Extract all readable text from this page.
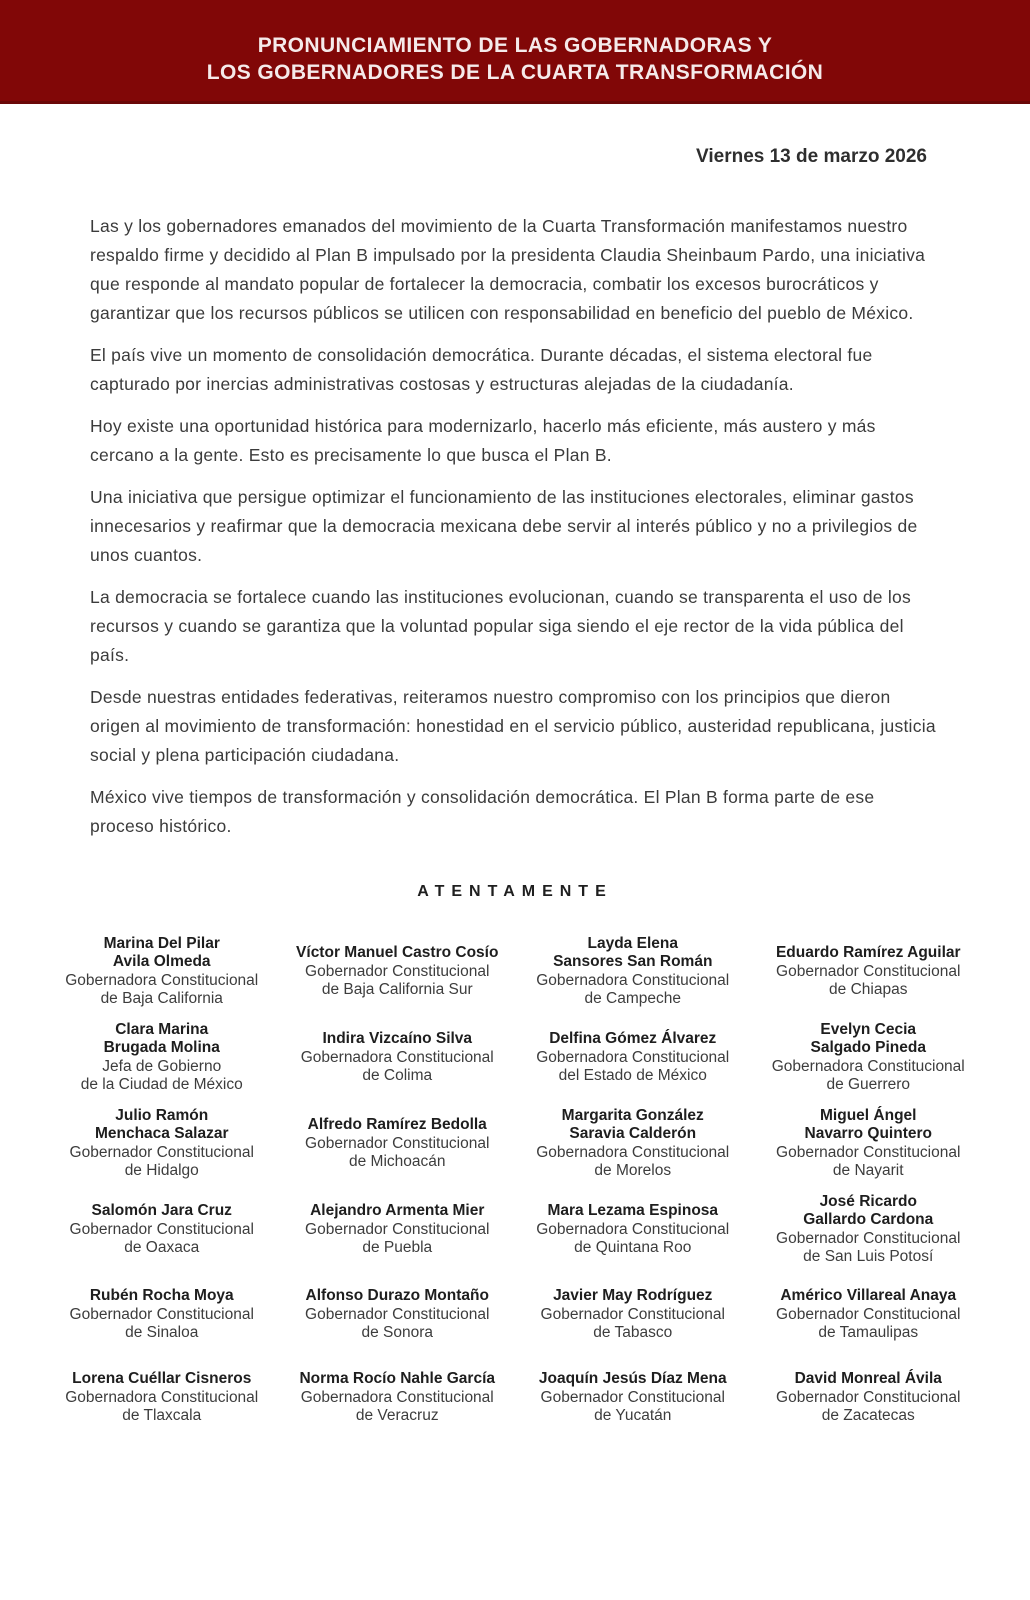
PRONUNCIAMIENTO DE LAS GOBERNADORAS Y
LOS GOBERNADORES DE LA CUARTA TRANSFORMACIÓN
Viernes 13 de marzo 2026

Las y los gobernadores emanados del movimiento de la Cuarta Transformación manifestamos nuestro respaldo firme y decidido al Plan B impulsado por la presidenta Claudia Sheinbaum Pardo, una iniciativa que responde al mandato popular de fortalecer la democracia, combatir los excesos burocráticos y garantizar que los recursos públicos se utilicen con responsabilidad en beneficio del pueblo de México.

El país vive un momento de consolidación democrática. Durante décadas, el sistema electoral fue capturado por inercias administrativas costosas y estructuras alejadas de la ciudadanía.

Hoy existe una oportunidad histórica para modernizarlo, hacerlo más eficiente, más austero y más cercano a la gente. Esto es precisamente lo que busca el Plan B.

Una iniciativa que persigue optimizar el funcionamiento de las instituciones electorales, eliminar gastos innecesarios y reafirmar que la democracia mexicana debe servir al interés público y no a privilegios de unos cuantos.

La democracia se fortalece cuando las instituciones evolucionan, cuando se transparenta el uso de los recursos y cuando se garantiza que la voluntad popular siga siendo el eje rector de la vida pública del país.

Desde nuestras entidades federativas, reiteramos nuestro compromiso con los principios que dieron origen al movimiento de transformación: honestidad en el servicio público, austeridad republicana, justicia social y plena participación ciudadana.

México vive tiempos de transformación y consolidación democrática. El Plan B forma parte de ese proceso histórico.

ATENTAMENTE
Marina Del Pilar
Avila Olmeda
Gobernadora Constitucional
de Baja California
Víctor Manuel Castro Cosío
Gobernador Constitucional
de Baja California Sur
Layda Elena
Sansores San Román
Gobernadora Constitucional
de Campeche
Eduardo Ramírez Aguilar
Gobernador Constitucional
de Chiapas
Clara Marina
Brugada Molina
Jefa de Gobierno
de la Ciudad de México
Indira Vizcaíno Silva
Gobernadora Constitucional
de Colima
Delfina Gómez Álvarez
Gobernadora Constitucional
del Estado de México
Evelyn Cecia
Salgado Pineda
Gobernadora Constitucional
de Guerrero
Julio Ramón
Menchaca Salazar
Gobernador Constitucional
de Hidalgo
Alfredo Ramírez Bedolla
Gobernador Constitucional
de Michoacán
Margarita González
Saravia Calderón
Gobernadora Constitucional
de Morelos
Miguel Ángel
Navarro Quintero
Gobernador Constitucional
de Nayarit
Salomón Jara Cruz
Gobernador Constitucional
de Oaxaca
Alejandro Armenta Mier
Gobernador Constitucional
de Puebla
Mara Lezama Espinosa
Gobernadora Constitucional
de Quintana Roo
José Ricardo
Gallardo Cardona
Gobernador Constitucional
de San Luis Potosí
Rubén Rocha Moya
Gobernador Constitucional
de Sinaloa
Alfonso Durazo Montaño
Gobernador Constitucional
de Sonora
Javier May Rodríguez
Gobernador Constitucional
de Tabasco
Américo Villareal Anaya
Gobernador Constitucional
de Tamaulipas
Lorena Cuéllar Cisneros
Gobernadora Constitucional
de Tlaxcala
Norma Rocío Nahle García
Gobernadora Constitucional
de Veracruz
Joaquín Jesús Díaz Mena
Gobernador Constitucional
de Yucatán
David Monreal Ávila
Gobernador Constitucional
de Zacatecas
